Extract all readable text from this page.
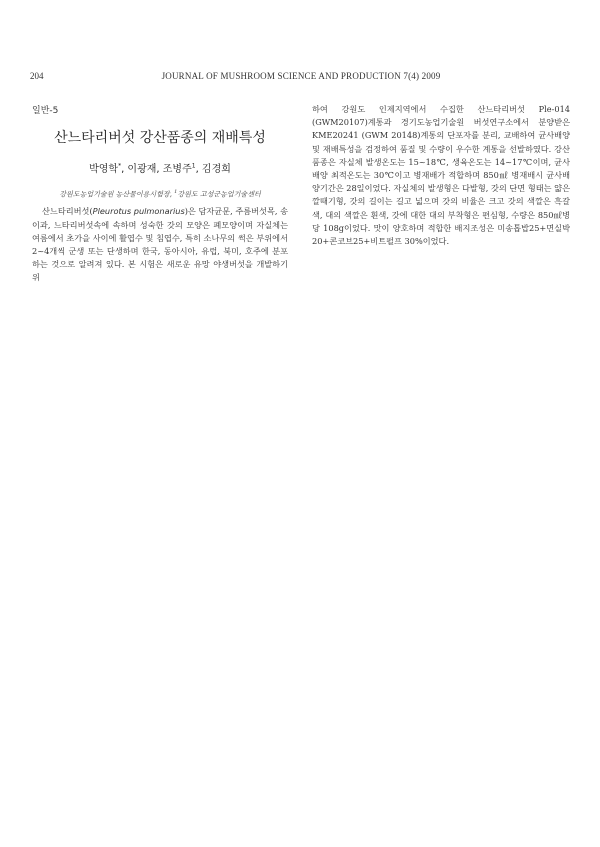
204	JOURNAL OF MUSHROOM SCIENCE AND PRODUCTION 7(4) 2009

일반-5

산느타리버섯 강산품종의 재배특성

박영학*, 이광재, 조병주$^1$, 김경희

강원도농업기술원 농산물이용시험장, $^1$강원도 고성군농업기술센터

산느타리버섯(Pleurotus pulmonarius)은 담자균문, 주름버섯목, 송이과, 느타리버섯속에 속하며 성숙한 갓의 모양은 폐모양이며 자실체는 여름에서 초가을 사이에 활엽수 및 침엽수, 특히 소나무의 썩은 부위에서 2~4개씩 군생 또는 단생하며 한국, 동아시아, 유럽, 북미, 호주에 분포하는 것으로 알려져 있다. 본 시험은 새로운 유망 야생버섯을 개발하기 위

하여 강원도 인제지역에서 수집한 산느타리버섯 Ple-014 (GWM20107)계통과 경기도농업기술원 버섯연구소에서 분양받은 KME20241 (GWM 20148)계통의 단포자를 분리, 교배하여 균사배양 및 재배특성을 검정하여 품질 및 수량이 우수한 계통을 선발하였다. 강산품종은 자실체 발생온도는 15~18℃, 생육온도는 14~17℃이며, 균사배양 최적온도는 30℃이고 병재배가 적합하며 850㎖ 병재배시 균사배양기간은 28일이었다. 자실체의 발생형은 다발형, 갓의 단면 형태는 얇은깔때기형, 갓의 길이는 길고 넓으며 갓의 비율은 크고 갓의 색깔은 흑갈색, 대의 색깔은 흰색, 갓에 대한 대의 부착형은 편심형, 수량은 850㎖병당 108g이었다. 맛이 양호하며 적합한 배지조성은 미송톱밥25+면실박20+콘코브25+비트펄프 30%이었다.
